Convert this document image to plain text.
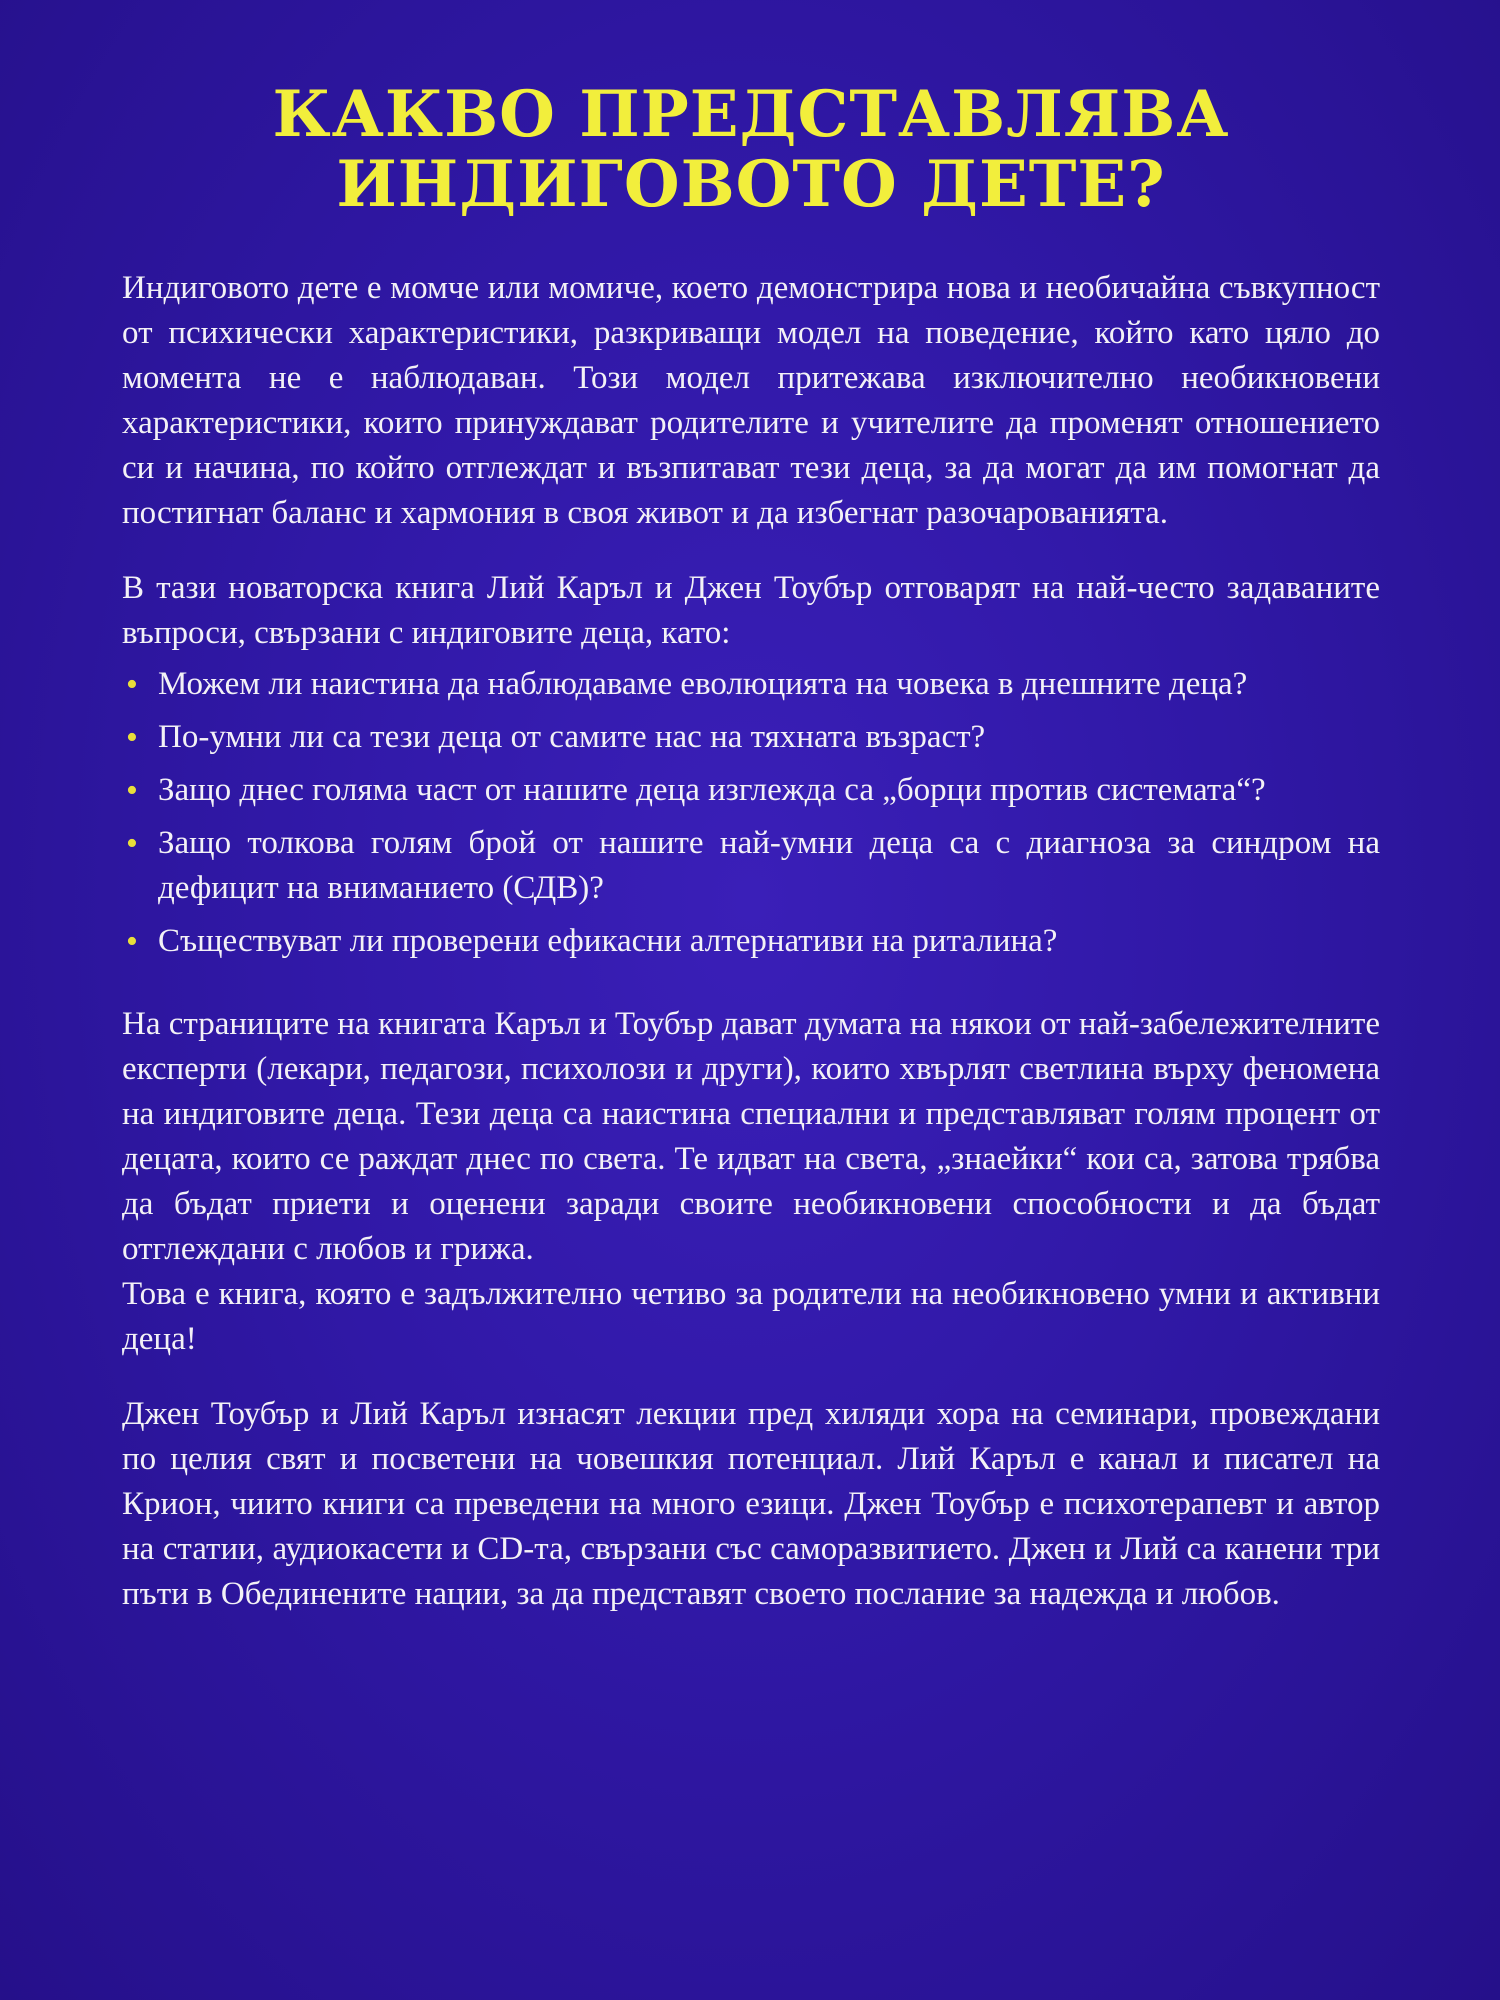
КАКВО ПРЕДСТАВЛЯВА
ИНДИГОВОТО ДЕТЕ?

Индиговото дете е момче или момиче, което демонстрира нова и необичайна съвкупност от психически характеристики, разкриващи модел на поведение, който като цяло до момента не е наблюдаван. Този модел притежава изключително необикновени характеристики, които принуждават родителите и учителите да променят отношението си и начина, по който отглеждат и възпитават тези деца, за да могат да им помогнат да постигнат баланс и хармония в своя живот и да избегнат разочарованията.

В тази новаторска книга Лий Каръл и Джен Тоубър отговарят на най-често задаваните въпроси, свързани с индиговите деца, като:

• Можем ли наистина да наблюдаваме еволюцията на човека в днешните деца?
• По-умни ли са тези деца от самите нас на тяхната възраст?
• Защо днес голяма част от нашите деца изглежда са „борци против системата“?
• Защо толкова голям брой от нашите най-умни деца са с диагноза за синдром на дефицит на вниманието (СДВ)?
• Съществуват ли проверени ефикасни алтернативи на риталина?

На страниците на книгата Каръл и Тоубър дават думата на някои от най-забележителните експерти (лекари, педагози, психолози и други), които хвърлят светлина върху феномена на индиговите деца. Тези деца са наистина специални и представляват голям процент от децата, които се раждат днес по света. Те идват на света, „знаейки“ кои са, затова трябва да бъдат приети и оценени заради своите необикновени способности и да бъдат отглеждани с любов и грижа.

Това е книга, която е задължително четиво за родители на необикновено умни и активни деца!

Джен Тоубър и Лий Каръл изнасят лекции пред хиляди хора на семинари, провеждани по целия свят и посветени на човешкия потенциал. Лий Каръл е канал и писател на Крион, чиито книги са преведени на много езици. Джен Тоубър е психотерапевт и автор на статии, аудиокасети и CD-та, свързани със саморазвитието. Джен и Лий са канени три пъти в Обединените нации, за да представят своето послание за надежда и любов.
